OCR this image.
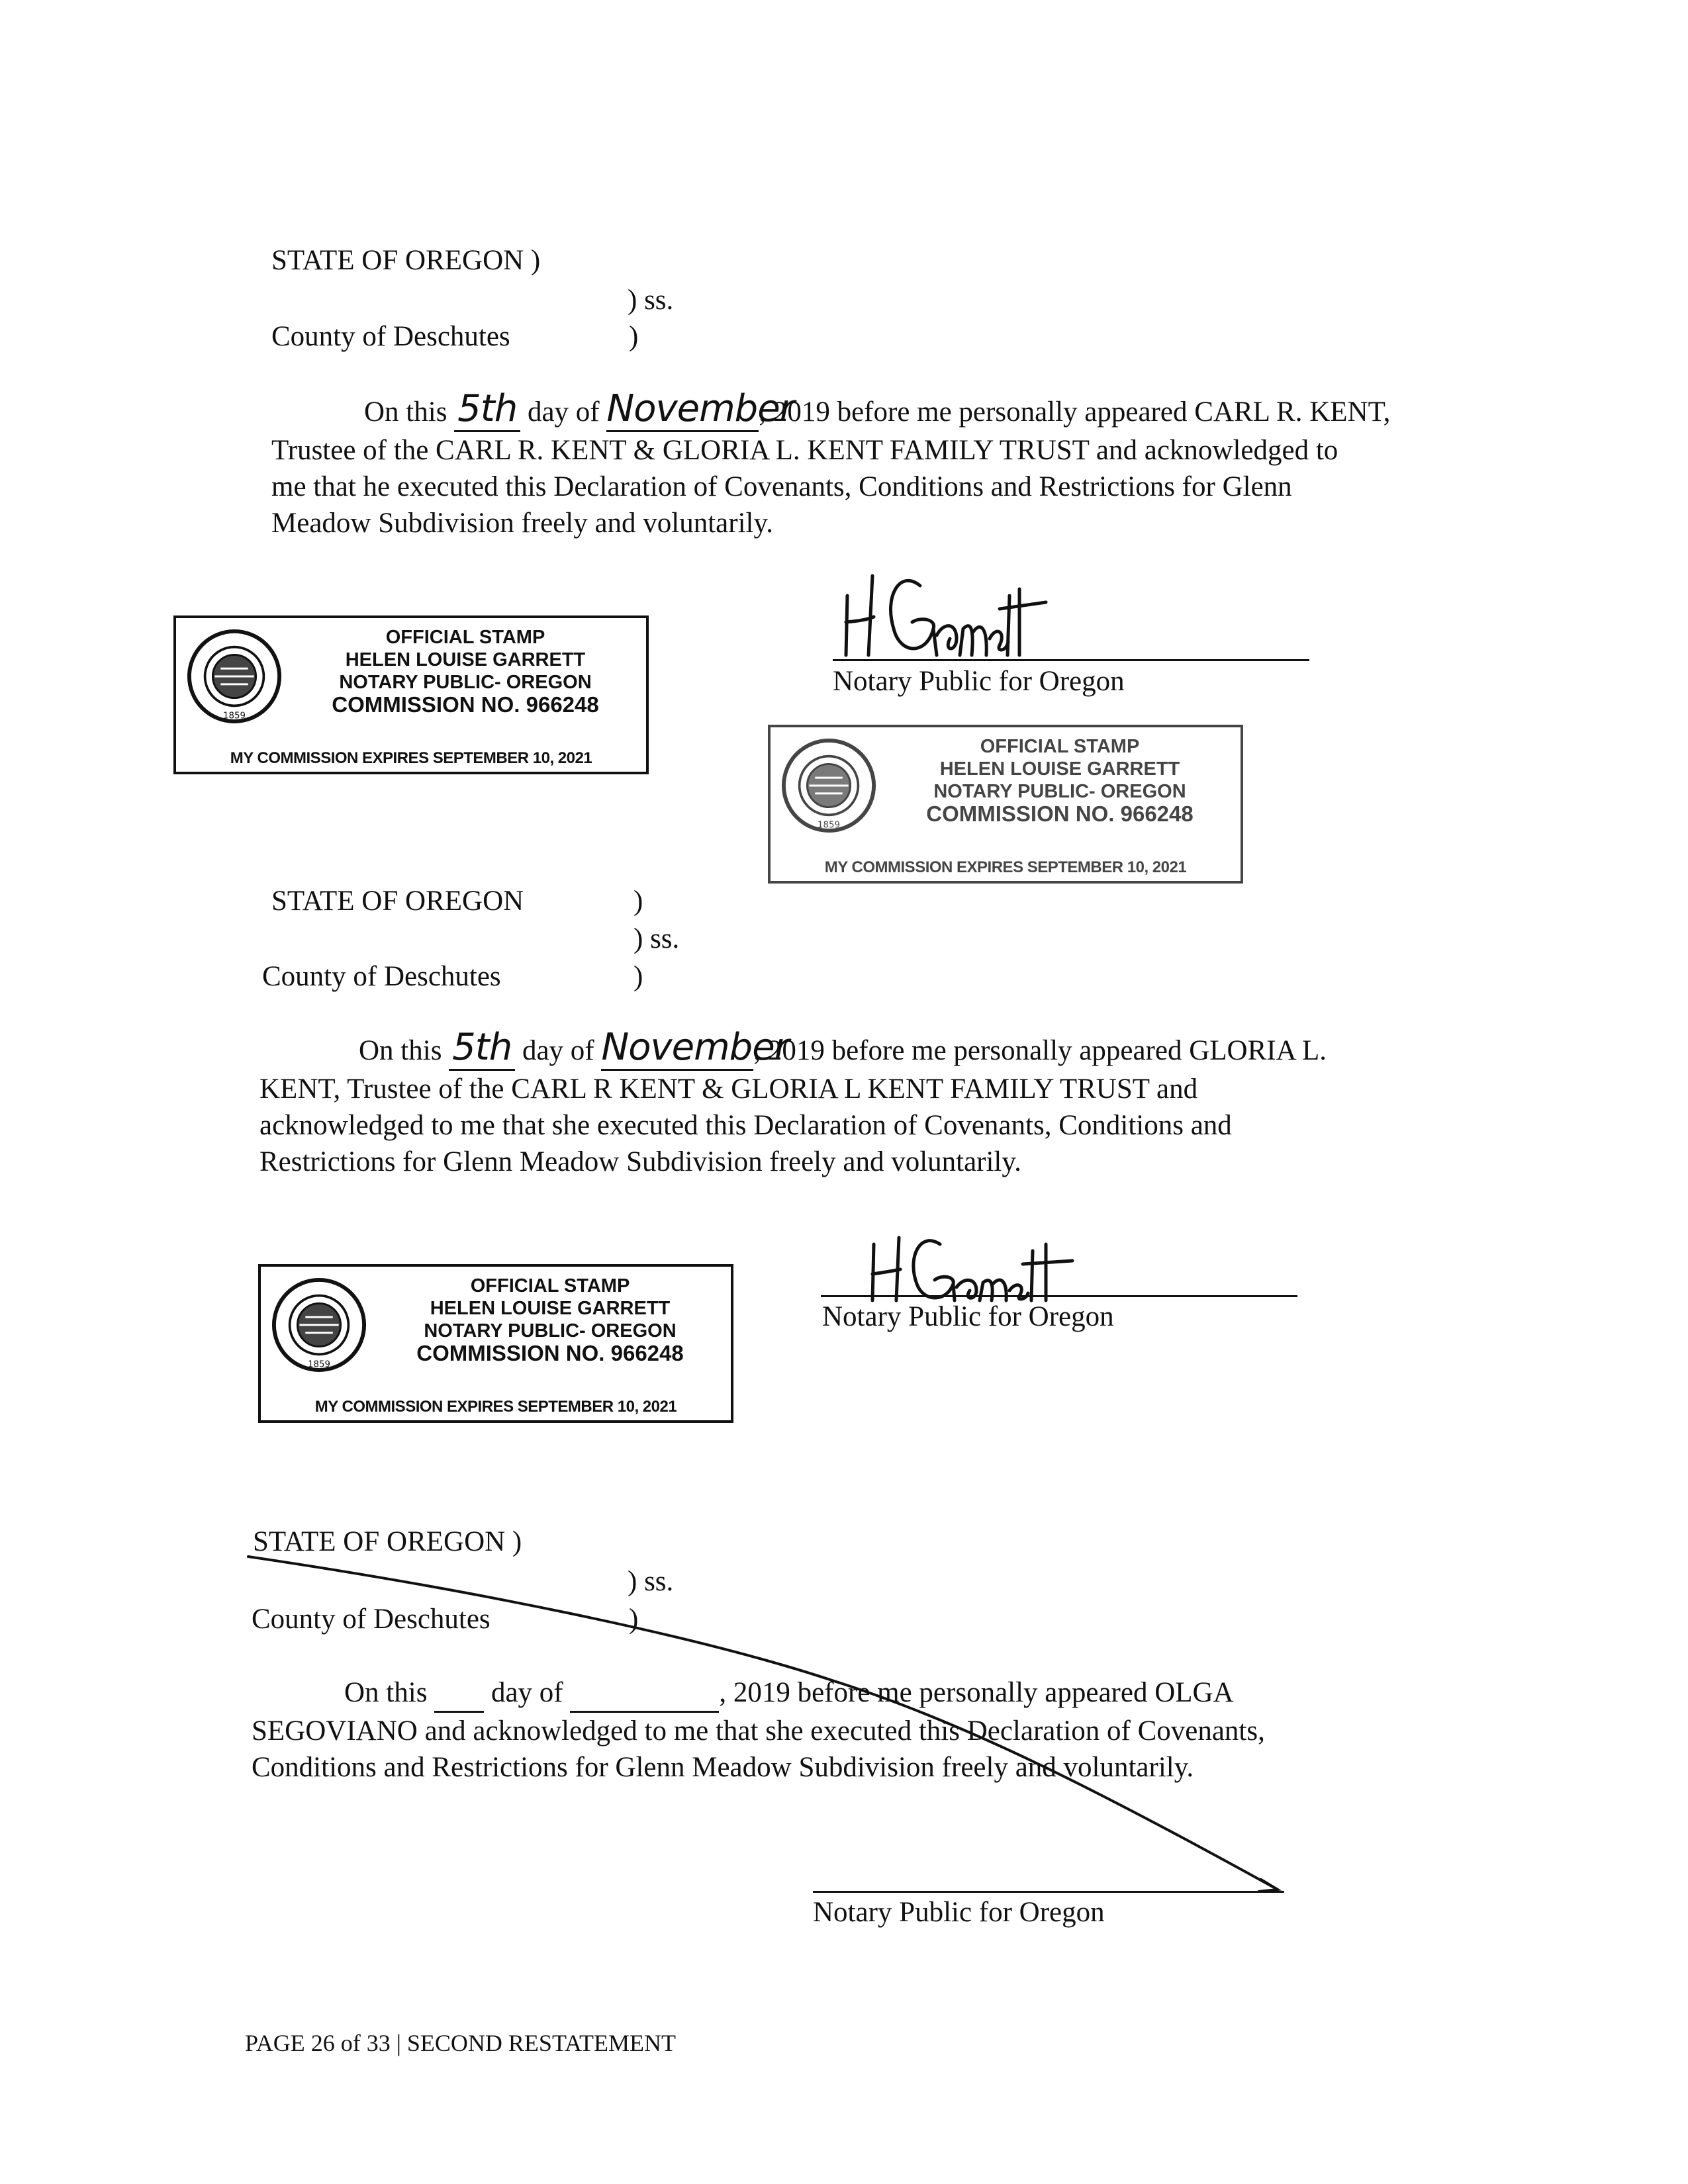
STATE OF OREGON )
) ss.
County of Deschutes	)
On this 5th day of November, 2019 before me personally appeared CARL R. KENT,
Trustee of the CARL R. KENT & GLORIA L. KENT FAMILY TRUST and acknowledged to
me that he executed this Declaration of Covenants, Conditions and Restrictions for Glenn
Meadow Subdivision freely and voluntarily.
1859
OFFICIAL STAMP
HELEN LOUISE GARRETT
NOTARY PUBLIC- OREGON
COMMISSION NO. 966248
MY COMMISSION EXPIRES SEPTEMBER 10, 2021
Notary Public for Oregon
1859
OFFICIAL STAMP
HELEN LOUISE GARRETT
NOTARY PUBLIC- OREGON
COMMISSION NO. 966248
MY COMMISSION EXPIRES SEPTEMBER 10, 2021
STATE OF OREGON	)
) ss.
County of Deschutes	)
On this 5th day of November, 2019 before me personally appeared GLORIA L.
KENT, Trustee of the CARL R KENT & GLORIA L KENT FAMILY TRUST and
acknowledged to me that she executed this Declaration of Covenants, Conditions and
Restrictions for Glenn Meadow Subdivision freely and voluntarily.
1859
OFFICIAL STAMP
HELEN LOUISE GARRETT
NOTARY PUBLIC- OREGON
COMMISSION NO. 966248
MY COMMISSION EXPIRES SEPTEMBER 10, 2021
Notary Public for Oregon
STATE OF OREGON )
) ss.
County of Deschutes	)
On this day of	, 2019 before me personally appeared OLGA
SEGOVIANO and acknowledged to me that she executed this Declaration of Covenants,
Conditions and Restrictions for Glenn Meadow Subdivision freely and voluntarily.
Notary Public for Oregon
PAGE 26 of 33 | SECOND RESTATEMENT
